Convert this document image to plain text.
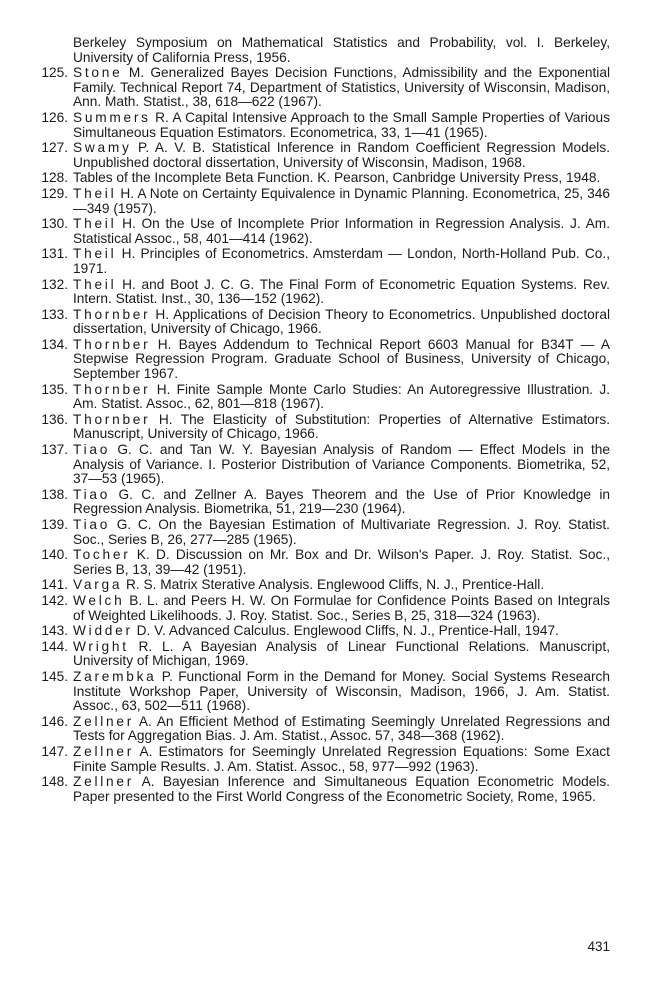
Berkeley Symposium on Mathematical Statistics and Probability, vol. I. Berkeley, University of California Press, 1956.
125. Stone M. Generalized Bayes Decision Functions, Admissibility and the Exponential Family. Technical Report 74, Department of Statistics, University of Wisconsin, Madison, Ann. Math. Statist., 38, 618—622 (1967).
126. Summers R. A Capital Intensive Approach to the Small Sample Properties of Various Simultaneous Equation Estimators. Econometrica, 33, 1—41 (1965).
127. Swamy P. A. V. B. Statistical Inference in Random Coefficient Regression Models. Unpublished doctoral dissertation, University of Wisconsin, Madison, 1968.
128. Tables of the Incomplete Beta Function. K. Pearson, Canbridge University Press, 1948.
129. Theil H. A Note on Certainty Equivalence in Dynamic Planning. Econometrica, 25, 346—349 (1957).
130. Theil H. On the Use of Incomplete Prior Information in Regression Analysis. J. Am. Statistical Assoc., 58, 401—414 (1962).
131. Theil H. Principles of Econometrics. Amsterdam — London, North-Holland Pub. Co., 1971.
132. Theil H. and Boot J. C. G. The Final Form of Econometric Equation Systems. Rev. Intern. Statist. Inst., 30, 136—152 (1962).
133. Thornber H. Applications of Decision Theory to Econometrics. Unpublished doctoral dissertation, University of Chicago, 1966.
134. Thornber H. Bayes Addendum to Technical Report 6603 Manual for B34T — A Stepwise Regression Program. Graduate School of Business, University of Chicago, September 1967.
135. Thornber H. Finite Sample Monte Carlo Studies: An Autoregressive Illustration. J. Am. Statist. Assoc., 62, 801—818 (1967).
136. Thornber H. The Elasticity of Substitution: Properties of Alternative Estimators. Manuscript, University of Chicago, 1966.
137. Tiao G. C. and Tan W. Y. Bayesian Analysis of Random — Effect Models in the Analysis of Variance. I. Posterior Distribution of Variance Components. Biometrika, 52, 37—53 (1965).
138. Tiao G. C. and Zellner A. Bayes Theorem and the Use of Prior Knowledge in Regression Analysis. Biometrika, 51, 219—230 (1964).
139. Tiao G. C. On the Bayesian Estimation of Multivariate Regression. J. Roy. Statist. Soc., Series B, 26, 277—285 (1965).
140. Tocher K. D. Discussion on Mr. Box and Dr. Wilson's Paper. J. Roy. Statist. Soc., Series B, 13, 39—42 (1951).
141. Varga R. S. Matrix Sterative Analysis. Englewood Cliffs, N. J., Prentice-Hall.
142. Welch B. L. and Peers H. W. On Formulae for Confidence Points Based on Integrals of Weighted Likelihoods. J. Roy. Statist. Soc., Series B, 25, 318—324 (1963).
143. Widder D. V. Advanced Calculus. Englewood Cliffs, N. J., Prentice-Hall, 1947.
144. Wright R. L. A Bayesian Analysis of Linear Functional Relations. Manuscript, University of Michigan, 1969.
145. Zarembka P. Functional Form in the Demand for Money. Social Systems Research Institute Workshop Paper, University of Wisconsin, Madison, 1966, J. Am. Statist. Assoc., 63, 502—511 (1968).
146. Zellner A. An Efficient Method of Estimating Seemingly Unrelated Regressions and Tests for Aggregation Bias. J. Am. Statist., Assoc. 57, 348—368 (1962).
147. Zellner A. Estimators for Seemingly Unrelated Regression Equations: Some Exact Finite Sample Results. J. Am. Statist. Assoc., 58, 977—992 (1963).
148. Zellner A. Bayesian Inference and Simultaneous Equation Econometric Models. Paper presented to the First World Congress of the Econometric Society, Rome, 1965.
431
